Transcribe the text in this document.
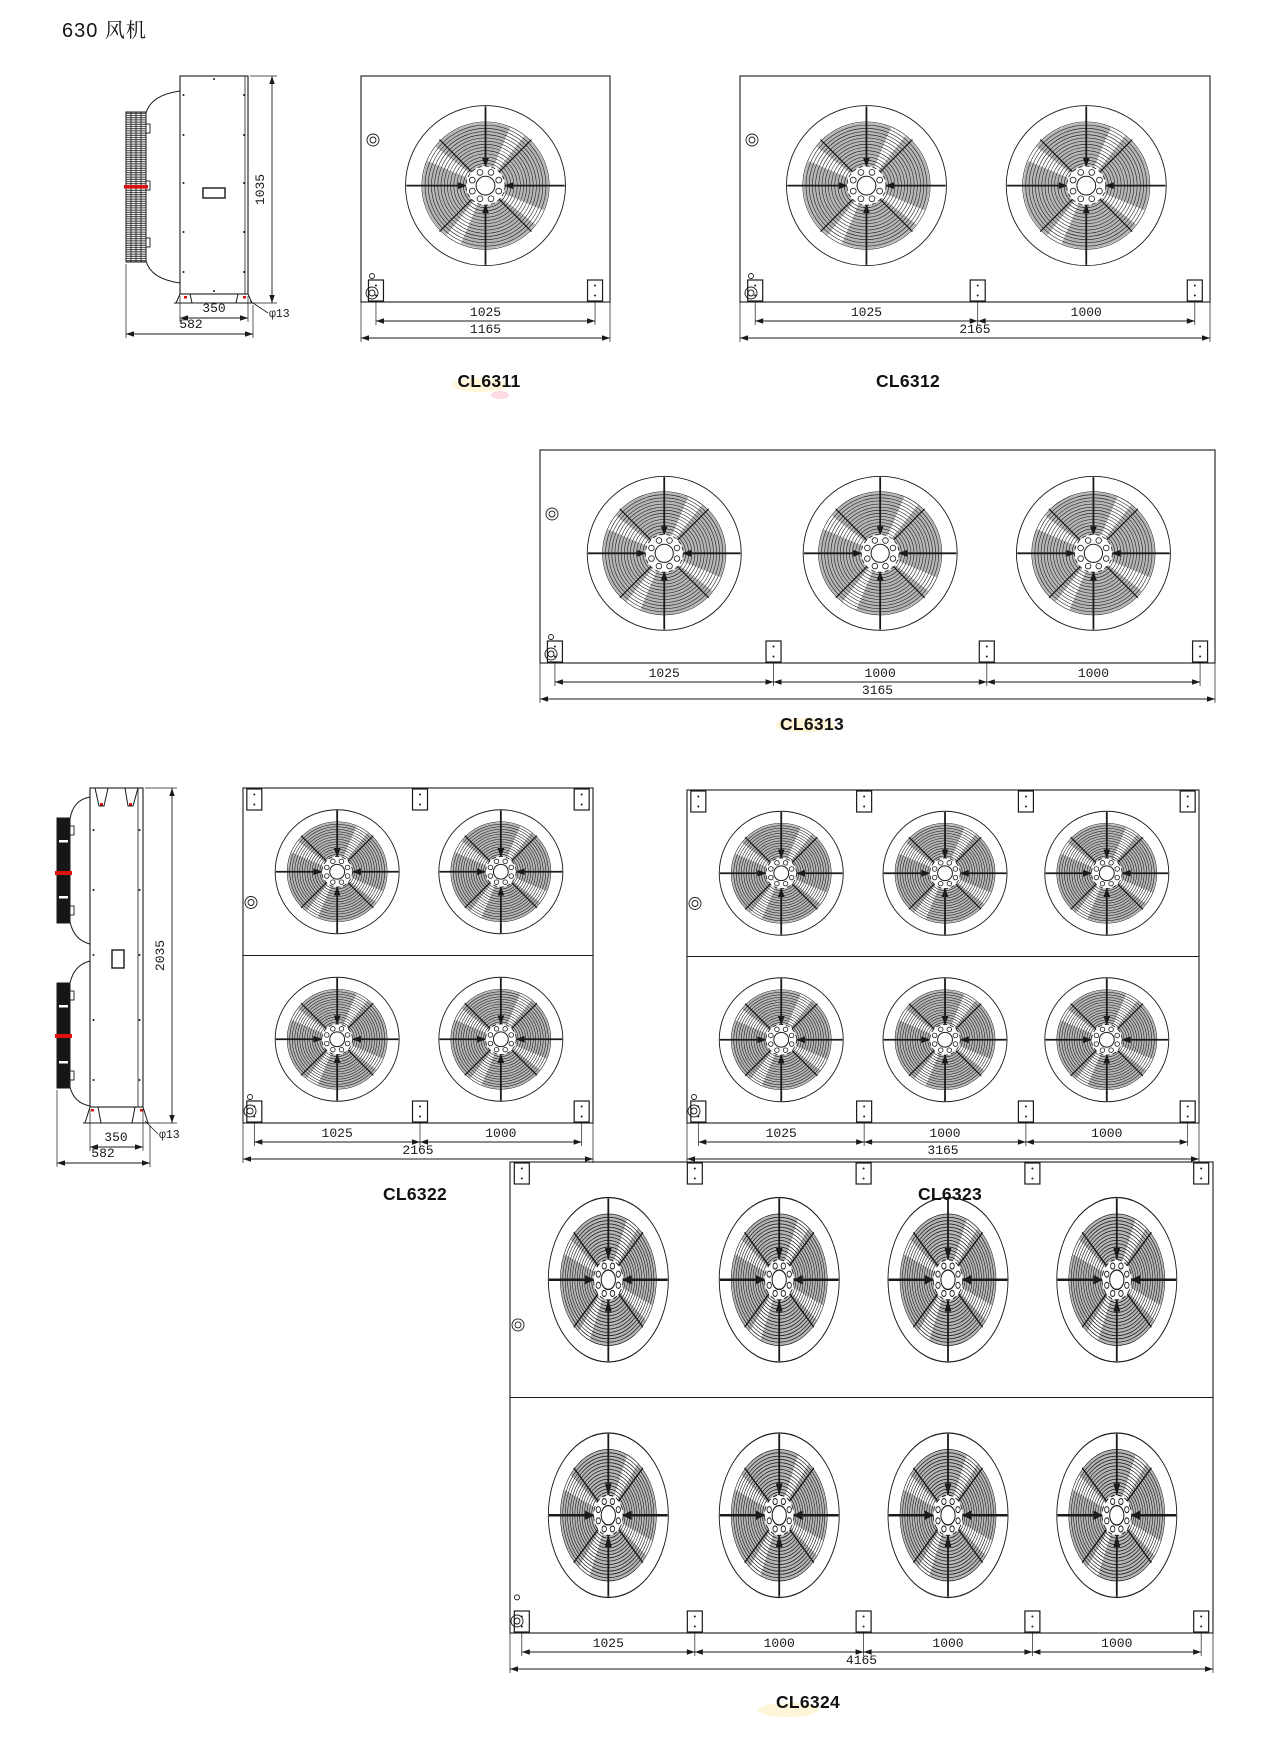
630 风机
CL6311	CL6312
CL6313
CL6322	CL6323
CL6324
1025
1165
1025	1000
2165
1025	1000	1000
3165
1025	1000
2165
1025	1000	1000
3165
1025	1000	1000	1000
4165
1035
350
582
φ13
2035
350
582
φ13
